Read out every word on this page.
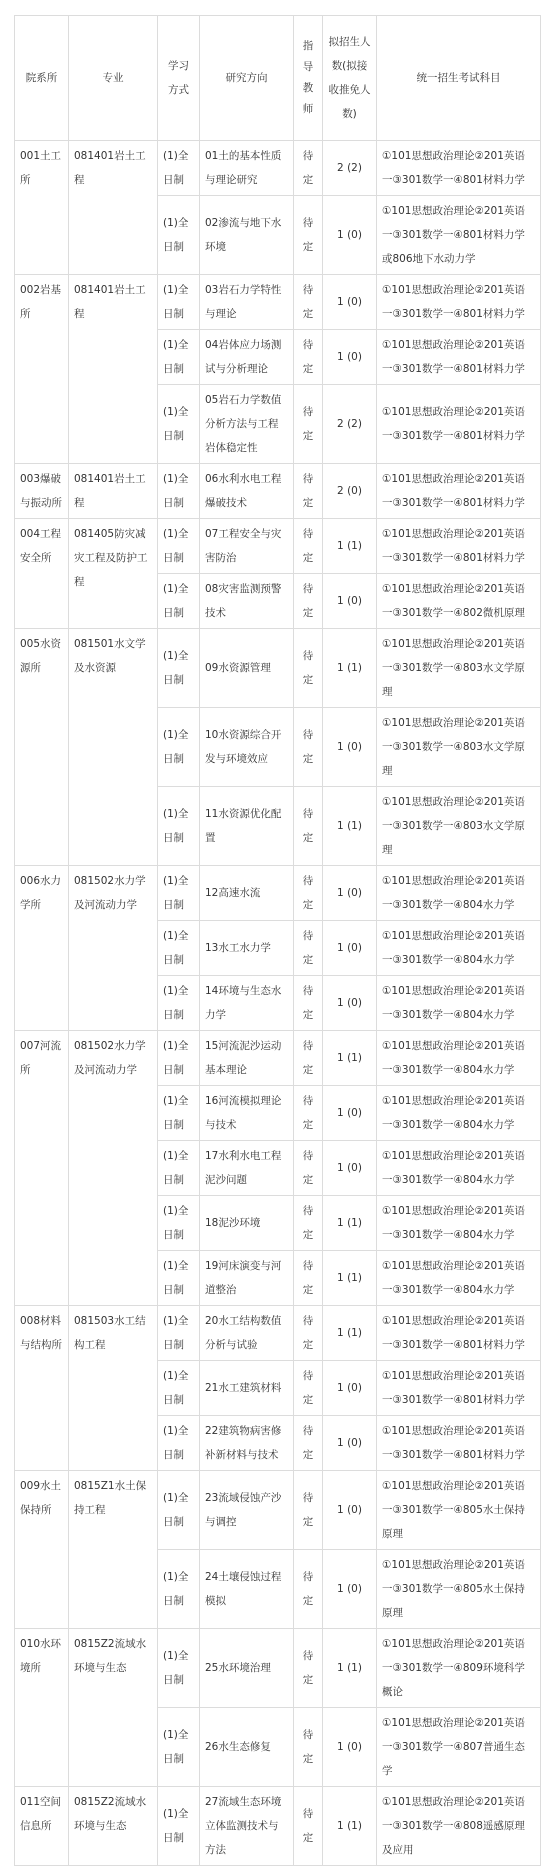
院系所	专业	学习方式	研究方向	指导教师	拟招生人数(拟接收推免人数)	统一招生考试科目
001土工所	081401岩土工程	(1)全日制	01土的基本性质与理论研究	待定	2 (2)	①101思想政治理论②201英语一③301数学一④801材料力学
		(1)全日制	02渗流与地下水环境	待定	1 (0)	①101思想政治理论②201英语一③301数学一④801材料力学或806地下水动力学
002岩基所	081401岩土工程	(1)全日制	03岩石力学特性与理论	待定	1 (0)	①101思想政治理论②201英语一③301数学一④801材料力学
		(1)全日制	04岩体应力场测试与分析理论	待定	1 (0)	①101思想政治理论②201英语一③301数学一④801材料力学
		(1)全日制	05岩石力学数值分析方法与工程岩体稳定性	待定	2 (2)	①101思想政治理论②201英语一③301数学一④801材料力学
003爆破与振动所	081401岩土工程	(1)全日制	06水利水电工程爆破技术	待定	2 (0)	①101思想政治理论②201英语一③301数学一④801材料力学
004工程安全所	081405防灾减灾工程及防护工程	(1)全日制	07工程安全与灾害防治	待定	1 (1)	①101思想政治理论②201英语一③301数学一④801材料力学
		(1)全日制	08灾害监测预警技术	待定	1 (0)	①101思想政治理论②201英语一③301数学一④802微机原理
005水资源所	081501水文学及水资源	(1)全日制	09水资源管理	待定	1 (1)	①101思想政治理论②201英语一③301数学一④803水文学原理
		(1)全日制	10水资源综合开发与环境效应	待定	1 (0)	①101思想政治理论②201英语一③301数学一④803水文学原理
		(1)全日制	11水资源优化配置	待定	1 (1)	①101思想政治理论②201英语一③301数学一④803水文学原理
006水力学所	081502水力学及河流动力学	(1)全日制	12高速水流	待定	1 (0)	①101思想政治理论②201英语一③301数学一④804水力学
		(1)全日制	13水工水力学	待定	1 (0)	①101思想政治理论②201英语一③301数学一④804水力学
		(1)全日制	14环境与生态水力学	待定	1 (0)	①101思想政治理论②201英语一③301数学一④804水力学
007河流所	081502水力学及河流动力学	(1)全日制	15河流泥沙运动基本理论	待定	1 (1)	①101思想政治理论②201英语一③301数学一④804水力学
		(1)全日制	16河流模拟理论与技术	待定	1 (0)	①101思想政治理论②201英语一③301数学一④804水力学
		(1)全日制	17水利水电工程泥沙问题	待定	1 (0)	①101思想政治理论②201英语一③301数学一④804水力学
		(1)全日制	18泥沙环境	待定	1 (1)	①101思想政治理论②201英语一③301数学一④804水力学
		(1)全日制	19河床演变与河道整治	待定	1 (1)	①101思想政治理论②201英语一③301数学一④804水力学
008材料与结构所	081503水工结构工程	(1)全日制	20水工结构数值分析与试验	待定	1 (1)	①101思想政治理论②201英语一③301数学一④801材料力学
		(1)全日制	21水工建筑材料	待定	1 (0)	①101思想政治理论②201英语一③301数学一④801材料力学
		(1)全日制	22建筑物病害修补新材料与技术	待定	1 (0)	①101思想政治理论②201英语一③301数学一④801材料力学
009水土保持所	0815Z1水土保持工程	(1)全日制	23流域侵蚀产沙与调控	待定	1 (0)	①101思想政治理论②201英语一③301数学一④805水土保持原理
		(1)全日制	24土壤侵蚀过程模拟	待定	1 (0)	①101思想政治理论②201英语一③301数学一④805水土保持原理
010水环境所	0815Z2流域水环境与生态	(1)全日制	25水环境治理	待定	1 (1)	①101思想政治理论②201英语一③301数学一④809环境科学概论
		(1)全日制	26水生态修复	待定	1 (0)	①101思想政治理论②201英语一③301数学一④807普通生态学
011空间信息所	0815Z2流域水环境与生态	(1)全日制	27流域生态环境立体监测技术与方法	待定	1 (1)	①101思想政治理论②201英语一③301数学一④808遥感原理及应用
